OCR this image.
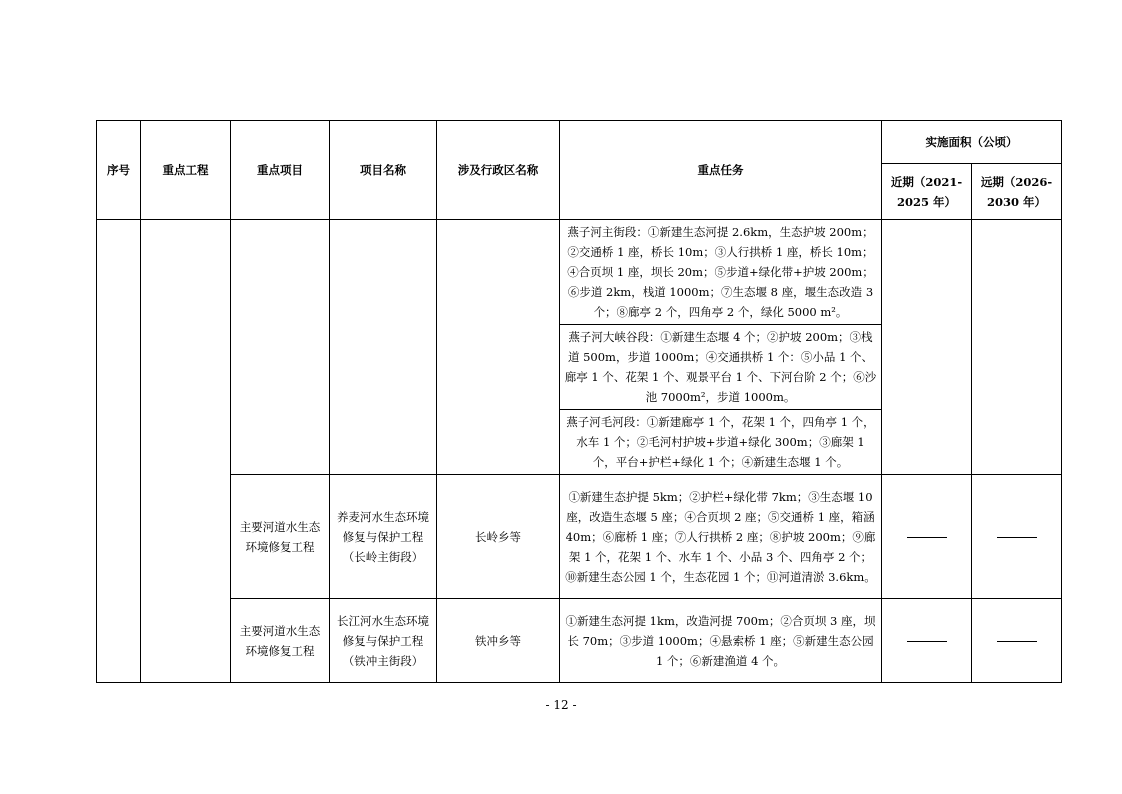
序号	重点工程	重点项目	项目名称	涉及行政区名称	重点任务	实施面积（公顷）	
						近期（2021-2025 年）	远期（2026-2030 年）
					燕子河主街段：①新建生态河提 2.6km，生态护坡 200m；②交通桥 1 座，桥长 10m；③人行拱桥 1 座，桥长 10m；④合页坝 1 座，坝长 20m；⑤步道+绿化带+护坡 200m；⑥步道 2km，栈道 1000m；⑦生态堰 8 座，堰生态改造 3 个；⑧廊亭 2 个，四角亭 2 个，绿化 5000 m²。		
					燕子河大峡谷段：①新建生态堰 4 个；②护坡 200m；③栈道 500m，步道 1000m；④交通拱桥 1 个：⑤小品 1 个、廊亭 1 个、花架 1 个、观景平台 1 个、下河台阶 2 个；⑥沙池 7000m²，步道 1000m。		
					燕子河毛河段：①新建廊亭 1 个，花架 1 个，四角亭 1 个，水车 1 个；②毛河村护坡+步道+绿化 300m；③廊架 1 个，平台+护栏+绿化 1 个；④新建生态堰 1 个。		
		主要河道水生态环境修复工程	养麦河水生态环境修复与保护工程（长岭主街段）	长岭乡等	①新建生态护提 5km；②护栏+绿化带 7km；③生态堰 10 座，改造生态堰 5 座；④合页坝 2 座；⑤交通桥 1 座，箱涵 40m；⑥廊桥 1 座；⑦人行拱桥 2 座；⑧护坡 200m；⑨廊架 1 个，花架 1 个、水车 1 个、小品 3 个、四角亭 2 个；⑩新建生态公园 1 个，生态花园 1 个；⑪河道清淤 3.6km。		
		主要河道水生态环境修复工程	长江河水生态环境修复与保护工程（铁冲主街段）	铁冲乡等	①新建生态河提 1km，改造河提 700m；②合页坝 3 座，坝长 70m；③步道 1000m；④悬索桥 1 座；⑤新建生态公园 1 个；⑥新建渔道 4 个。		
- 12 -
